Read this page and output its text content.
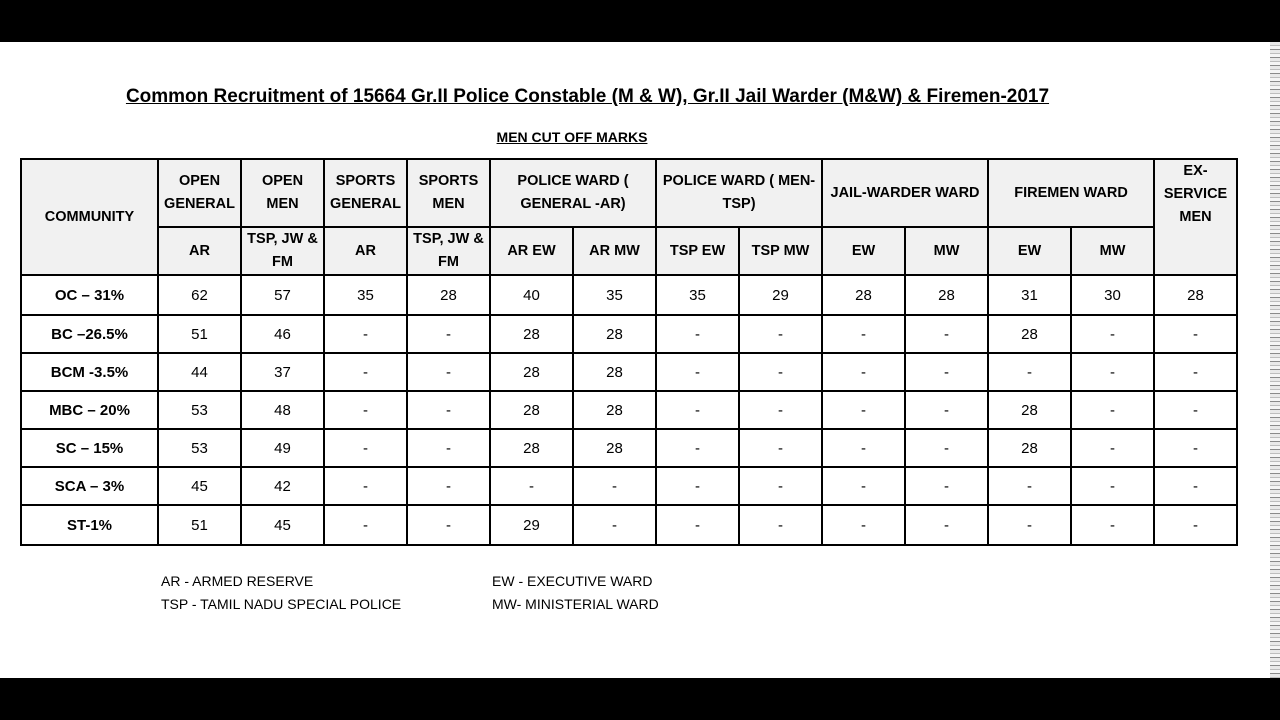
Common Recruitment of 15664 Gr.II Police Constable (M & W), Gr.II Jail Warder (M&W) & Firemen-2017
MEN CUT OFF MARKS
COMMUNITY	OPEN GENERAL	OPEN MEN	SPORTS GENERAL	SPORTS MEN	POLICE WARD ( GENERAL -AR)		POLICE WARD ( MEN-TSP)		JAIL-WARDER WARD		FIREMEN WARD		EX-SERVICE MEN
	AR	TSP, JW & FM	AR	TSP, JW & FM	AR EW	AR MW	TSP EW	TSP MW	EW	MW	EW	MW	
OC – 31%	62	57	35	28	40	35	35	29	28	28	31	30	28
BC –26.5%	51	46	-	-	28	28	-	-	-	-	28	-	-
BCM -3.5%	44	37	-	-	28	28	-	-	-	-	-	-	-
MBC – 20%	53	48	-	-	28	28	-	-	-	-	28	-	-
SC – 15%	53	49	-	-	28	28	-	-	-	-	28	-	-
SCA – 3%	45	42	-	-	-	-	-	-	-	-	-	-	-
ST-1%	51	45	-	-	29	-	-	-	-	-	-	-	-
AR - ARMED RESERVE
TSP - TAMIL NADU SPECIAL POLICE
EW - EXECUTIVE WARD
MW- MINISTERIAL WARD
